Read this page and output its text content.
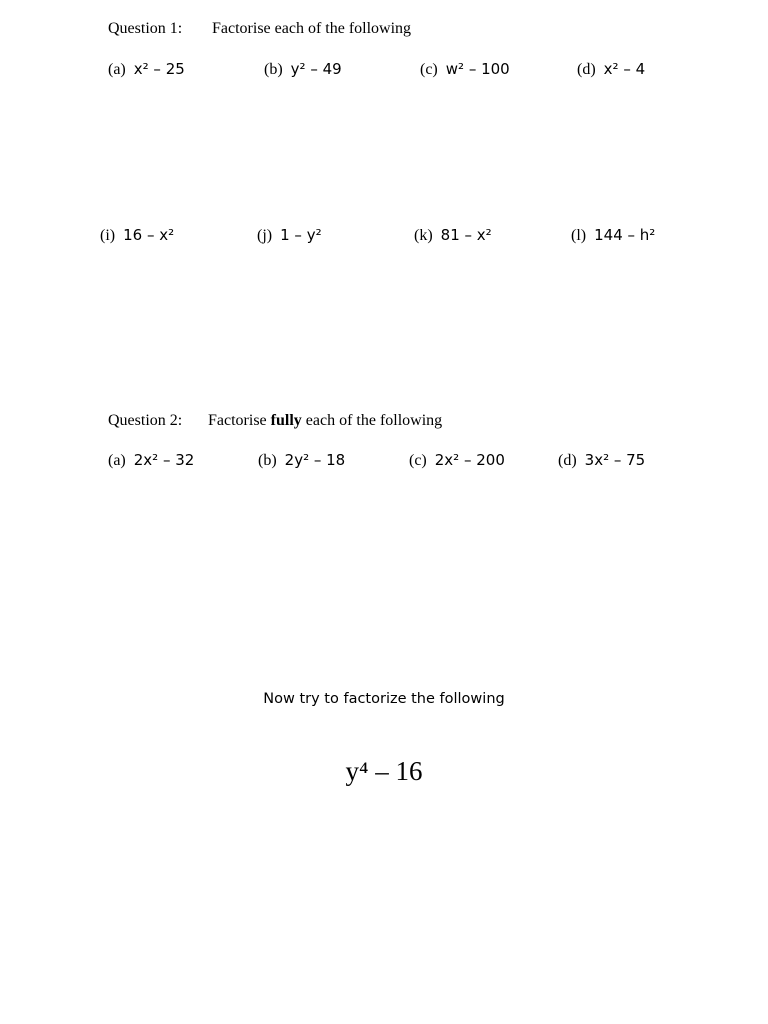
Question 1: Factorise each of the following
(a) x² – 25	(b) y² – 49	(c) w² – 100	(d) x² – 4
(i) 16 – x²	(j) 1 – y²	(k) 81 – x²	(l) 144 – h²
Question 2: Factorise fully each of the following
(a) 2x² – 32	(b) 2y² – 18	(c) 2x² – 200	(d) 3x² – 75
Now try to factorize the following
y⁴ – 16
